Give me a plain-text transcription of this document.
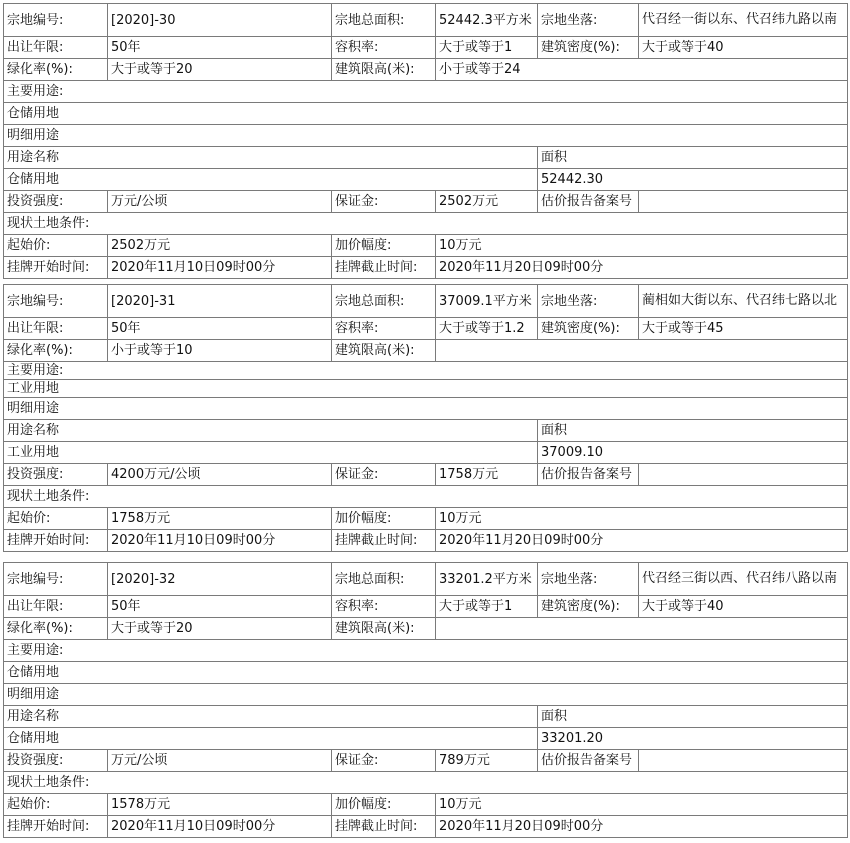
宗地编号:	[2020]-30	宗地总面积:	52442.3平方米	宗地坐落:	代召经一街以东、代召纬九路以南
出让年限:	50年	容积率:	大于或等于1	建筑密度(%):	大于或等于40
绿化率(%):	大于或等于20	建筑限高(米):	小于或等于24		
主要用途:					
仓储用地					
明细用途					
用途名称				面积	
仓储用地				52442.30	
投资强度:	万元/公顷	保证金:	2502万元	估价报告备案号	
现状土地条件:					
起始价:	2502万元	加价幅度:	10万元		
挂牌开始时间:	2020年11月10日09时00分	挂牌截止时间:	2020年11月20日09时00分		
宗地编号:	[2020]-31	宗地总面积:	37009.1平方米	宗地坐落:	蔺相如大街以东、代召纬七路以北
出让年限:	50年	容积率:	大于或等于1.2	建筑密度(%):	大于或等于45
绿化率(%):	小于或等于10	建筑限高(米):			
主要用途:					
工业用地					
明细用途					
用途名称				面积	
工业用地				37009.10	
投资强度:	4200万元/公顷	保证金:	1758万元	估价报告备案号	
现状土地条件:					
起始价:	1758万元	加价幅度:	10万元		
挂牌开始时间:	2020年11月10日09时00分	挂牌截止时间:	2020年11月20日09时00分		
宗地编号:	[2020]-32	宗地总面积:	33201.2平方米	宗地坐落:	代召经三街以西、代召纬八路以南
出让年限:	50年	容积率:	大于或等于1	建筑密度(%):	大于或等于40
绿化率(%):	大于或等于20	建筑限高(米):			
主要用途:					
仓储用地					
明细用途					
用途名称				面积	
仓储用地				33201.20	
投资强度:	万元/公顷	保证金:	789万元	估价报告备案号	
现状土地条件:					
起始价:	1578万元	加价幅度:	10万元		
挂牌开始时间:	2020年11月10日09时00分	挂牌截止时间:	2020年11月20日09时00分		
